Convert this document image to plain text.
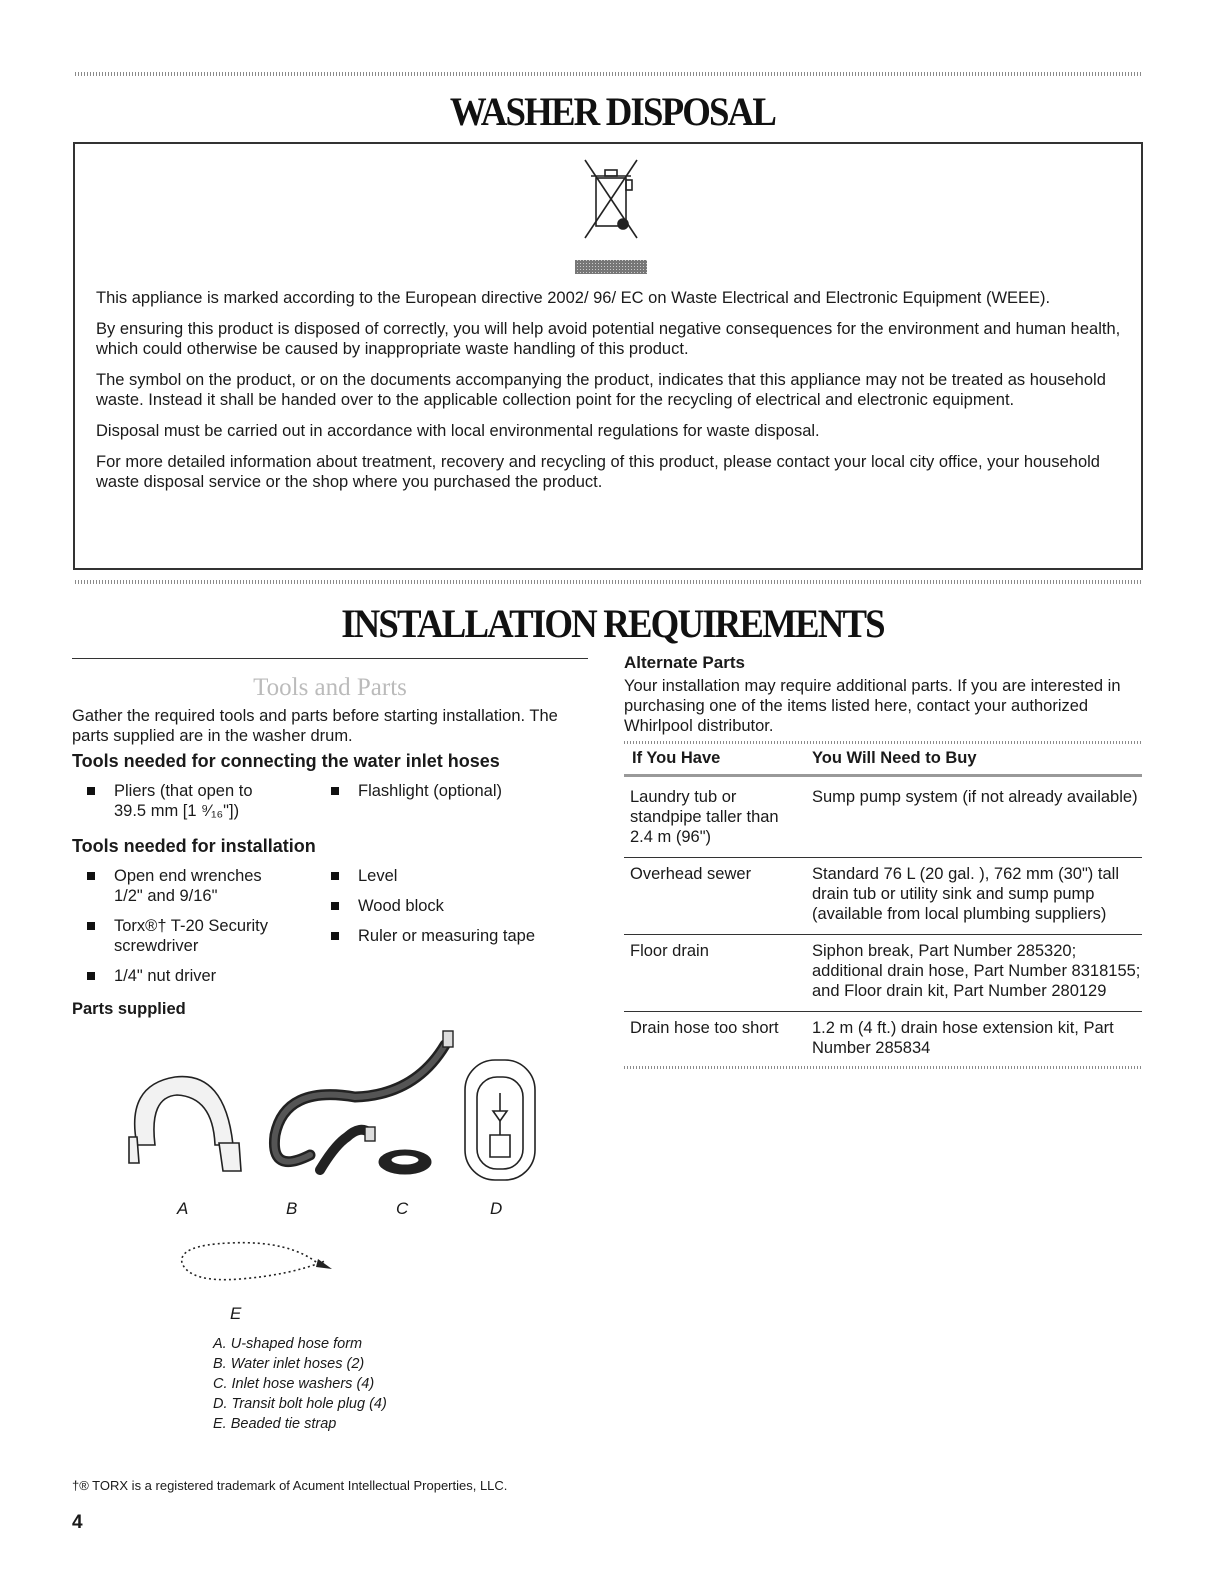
WASHER DISPOSAL

This appliance is marked according to the European directive 2002/ 96/ EC on Waste Electrical and Electronic Equipment (WEEE).

By ensuring this product is disposed of correctly, you will help avoid potential negative consequences for the environment and human health, which could otherwise be caused by inappropriate waste handling of this product.

The symbol on the product, or on the documents accompanying the product, indicates that this appliance may not be treated as household waste. Instead it shall be handed over to the applicable collection point for the recycling of electrical and electronic equipment.

Disposal must be carried out in accordance with local environmental regulations for waste disposal.

For more detailed information about treatment, recovery and recycling of this product, please contact your local city office, your household waste disposal service or the shop where you purchased the product.

INSTALLATION REQUIREMENTS
Tools and Parts
Gather the required tools and parts before starting installation. The parts supplied are in the washer drum.
Tools needed for connecting the water inlet hoses
Pliers (that open to 39.5 mm [1 ⁹⁄₁₆"])
Flashlight (optional)
Tools needed for installation
Open end wrenches 1/2" and 9/16"
Torx®† T-20 Security screwdriver
1/4" nut driver
Level
Wood block
Ruler or measuring tape
Parts supplied
A	B	C	D
E
A. U-shaped hose form
B. Water inlet hoses (2)
C. Inlet hose washers (4)
D. Transit bolt hole plug (4)
E. Beaded tie strap
Alternate Parts
Your installation may require additional parts. If you are interested in purchasing one of the items listed here, contact your authorized Whirlpool distributor.
If You Have	You Will Need to Buy
Laundry tub or standpipe taller than 2.4 m (96")	Sump pump system (if not already available)
Overhead sewer	Standard 76 L (20 gal. ), 762 mm (30") tall drain tub or utility sink and sump pump (available from local plumbing suppliers)
Floor drain	Siphon break, Part Number 285320; additional drain hose, Part Number 8318155; and Floor drain kit, Part Number 280129
Drain hose too short	1.2 m (4 ft.) drain hose extension kit, Part Number 285834
†® TORX is a registered trademark of Acument Intellectual Properties, LLC.
4
